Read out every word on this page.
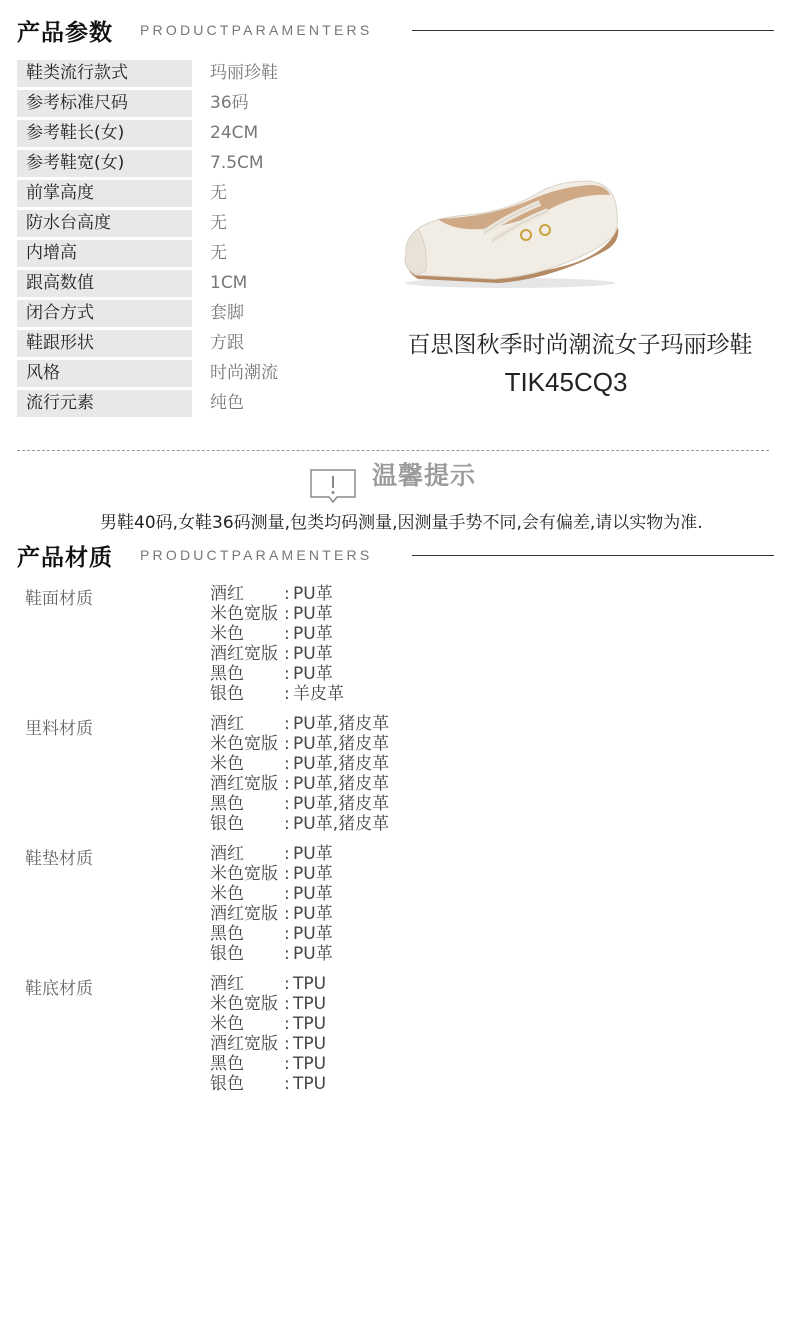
产品参数 PRODUCTPARAMENTERS
鞋类流行款式	玛丽珍鞋
参考标准尺码	36码
参考鞋长(女)	24CM
参考鞋宽(女)	7.5CM
前掌高度	无
防水台高度	无
内增高	无
跟高数值	1CM
闭合方式	套脚
鞋跟形状	方跟
风格	时尚潮流
流行元素	纯色
百思图秋季时尚潮流女子玛丽珍鞋
TIK45CQ3
温馨提示
男鞋40码,女鞋36码测量,包类均码测量,因测量手势不同,会有偏差,请以实物为准.
产品材质 PRODUCTPARAMENTERS
鞋面材质	酒红 : PU革
米色宽版 : PU革
米色 : PU革
酒红宽版 : PU革
黑色 : PU革
银色 : 羊皮革
里料材质	酒红 : PU革,猪皮革
米色宽版 : PU革,猪皮革
米色 : PU革,猪皮革
酒红宽版 : PU革,猪皮革
黑色 : PU革,猪皮革
银色 : PU革,猪皮革
鞋垫材质	酒红 : PU革
米色宽版 : PU革
米色 : PU革
酒红宽版 : PU革
黑色 : PU革
银色 : PU革
鞋底材质	酒红 : TPU
米色宽版 : TPU
米色 : TPU
酒红宽版 : TPU
黑色 : TPU
银色 : TPU
